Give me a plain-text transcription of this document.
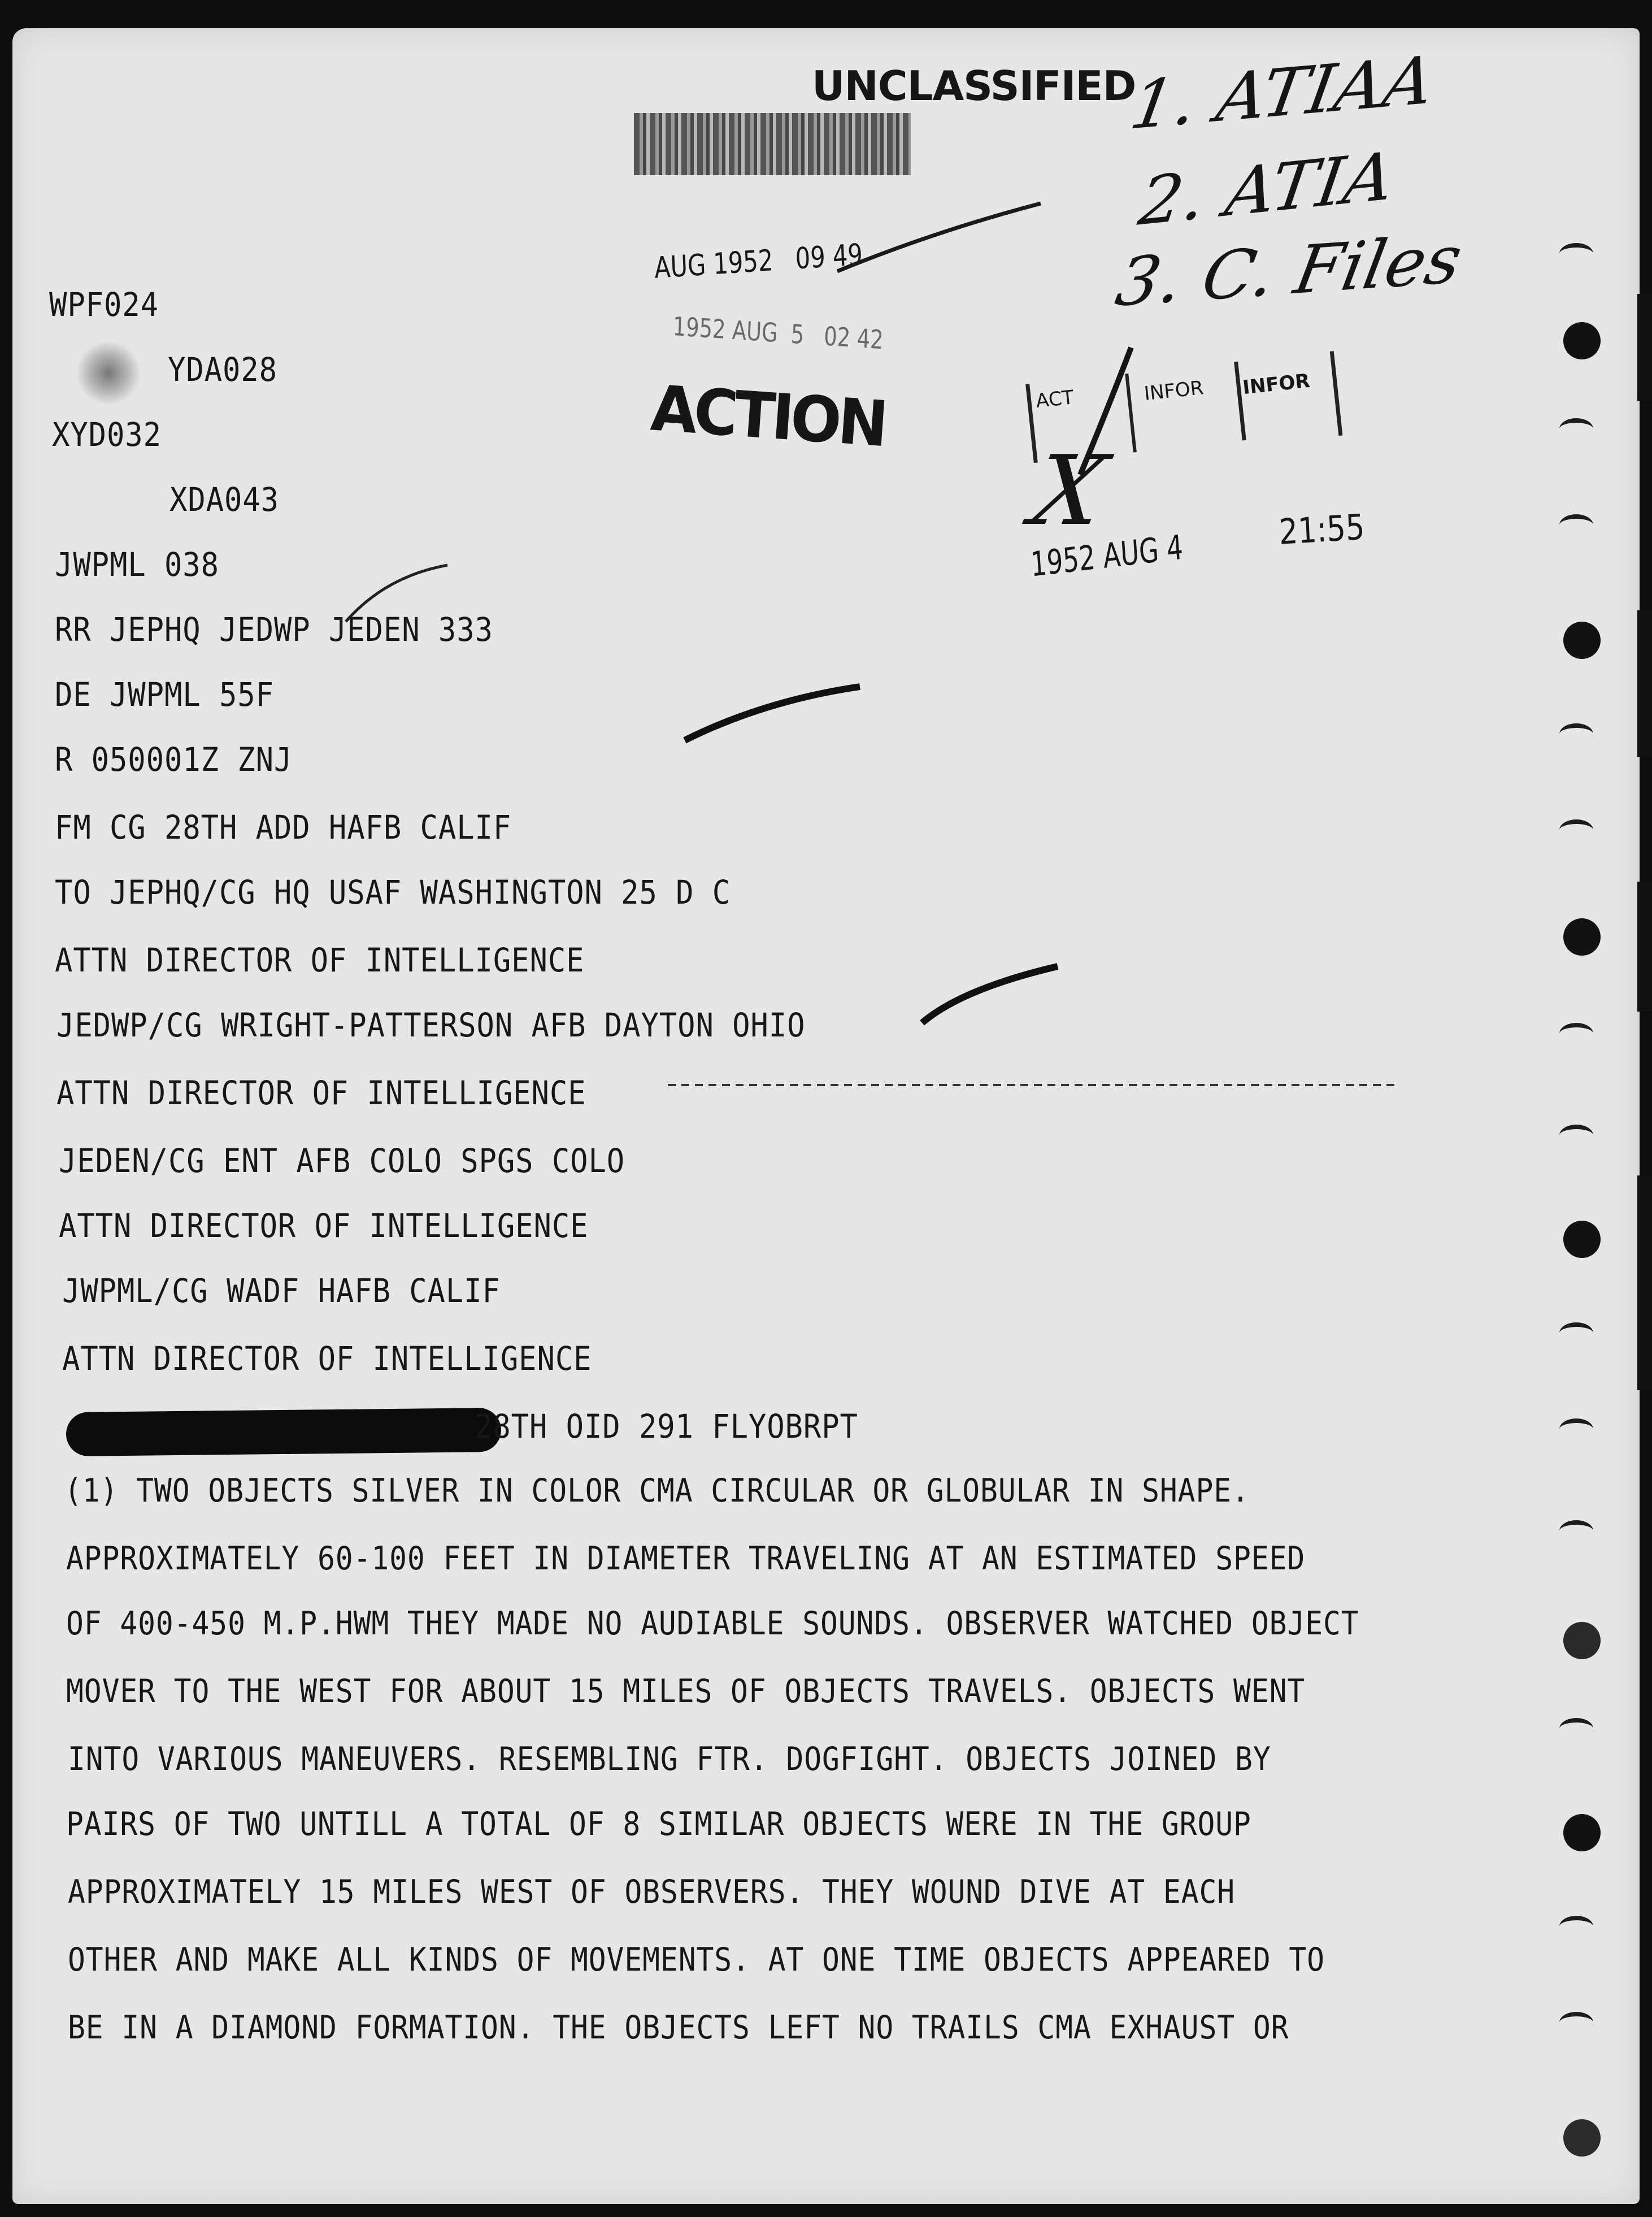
UNCLASSIFIED
1. ATIAA
2. ATIA
3. C. Files
AUG 1952   09 49
1952 AUG  5   02 42
ACTION	ACT	INFOR INFOR
X
1952 AUG 4	21:55
WPF024
YDA028
XYD032
XDA043
JWPML 038
RR JEPHQ JEDWP JEDEN 333
DE JWPML 55F
R 050001Z ZNJ
FM CG 28TH ADD HAFB CALIF
TO JEPHQ/CG HQ USAF WASHINGTON 25 D C
ATTN DIRECTOR OF INTELLIGENCE
JEDWP/CG WRIGHT-PATTERSON AFB DAYTON OHIO
ATTN DIRECTOR OF INTELLIGENCE
JEDEN/CG ENT AFB COLO SPGS COLO
ATTN DIRECTOR OF INTELLIGENCE
JWPML/CG WADF HAFB CALIF
ATTN DIRECTOR OF INTELLIGENCE
28TH OID 291 FLYOBRPT
(1) TWO OBJECTS SILVER IN COLOR CMA CIRCULAR OR GLOBULAR IN SHAPE.
APPROXIMATELY 60-100 FEET IN DIAMETER TRAVELING AT AN ESTIMATED SPEED
OF 400-450 M.P.HWM THEY MADE NO AUDIABLE SOUNDS. OBSERVER WATCHED OBJECT
MOVER TO THE WEST FOR ABOUT 15 MILES OF OBJECTS TRAVELS. OBJECTS WENT
INTO VARIOUS MANEUVERS. RESEMBLING FTR. DOGFIGHT. OBJECTS JOINED BY
PAIRS OF TWO UNTILL A TOTAL OF 8 SIMILAR OBJECTS WERE IN THE GROUP
APPROXIMATELY 15 MILES WEST OF OBSERVERS. THEY WOUND DIVE AT EACH
OTHER AND MAKE ALL KINDS OF MOVEMENTS. AT ONE TIME OBJECTS APPEARED TO
BE IN A DIAMOND FORMATION. THE OBJECTS LEFT NO TRAILS CMA EXHAUST OR
